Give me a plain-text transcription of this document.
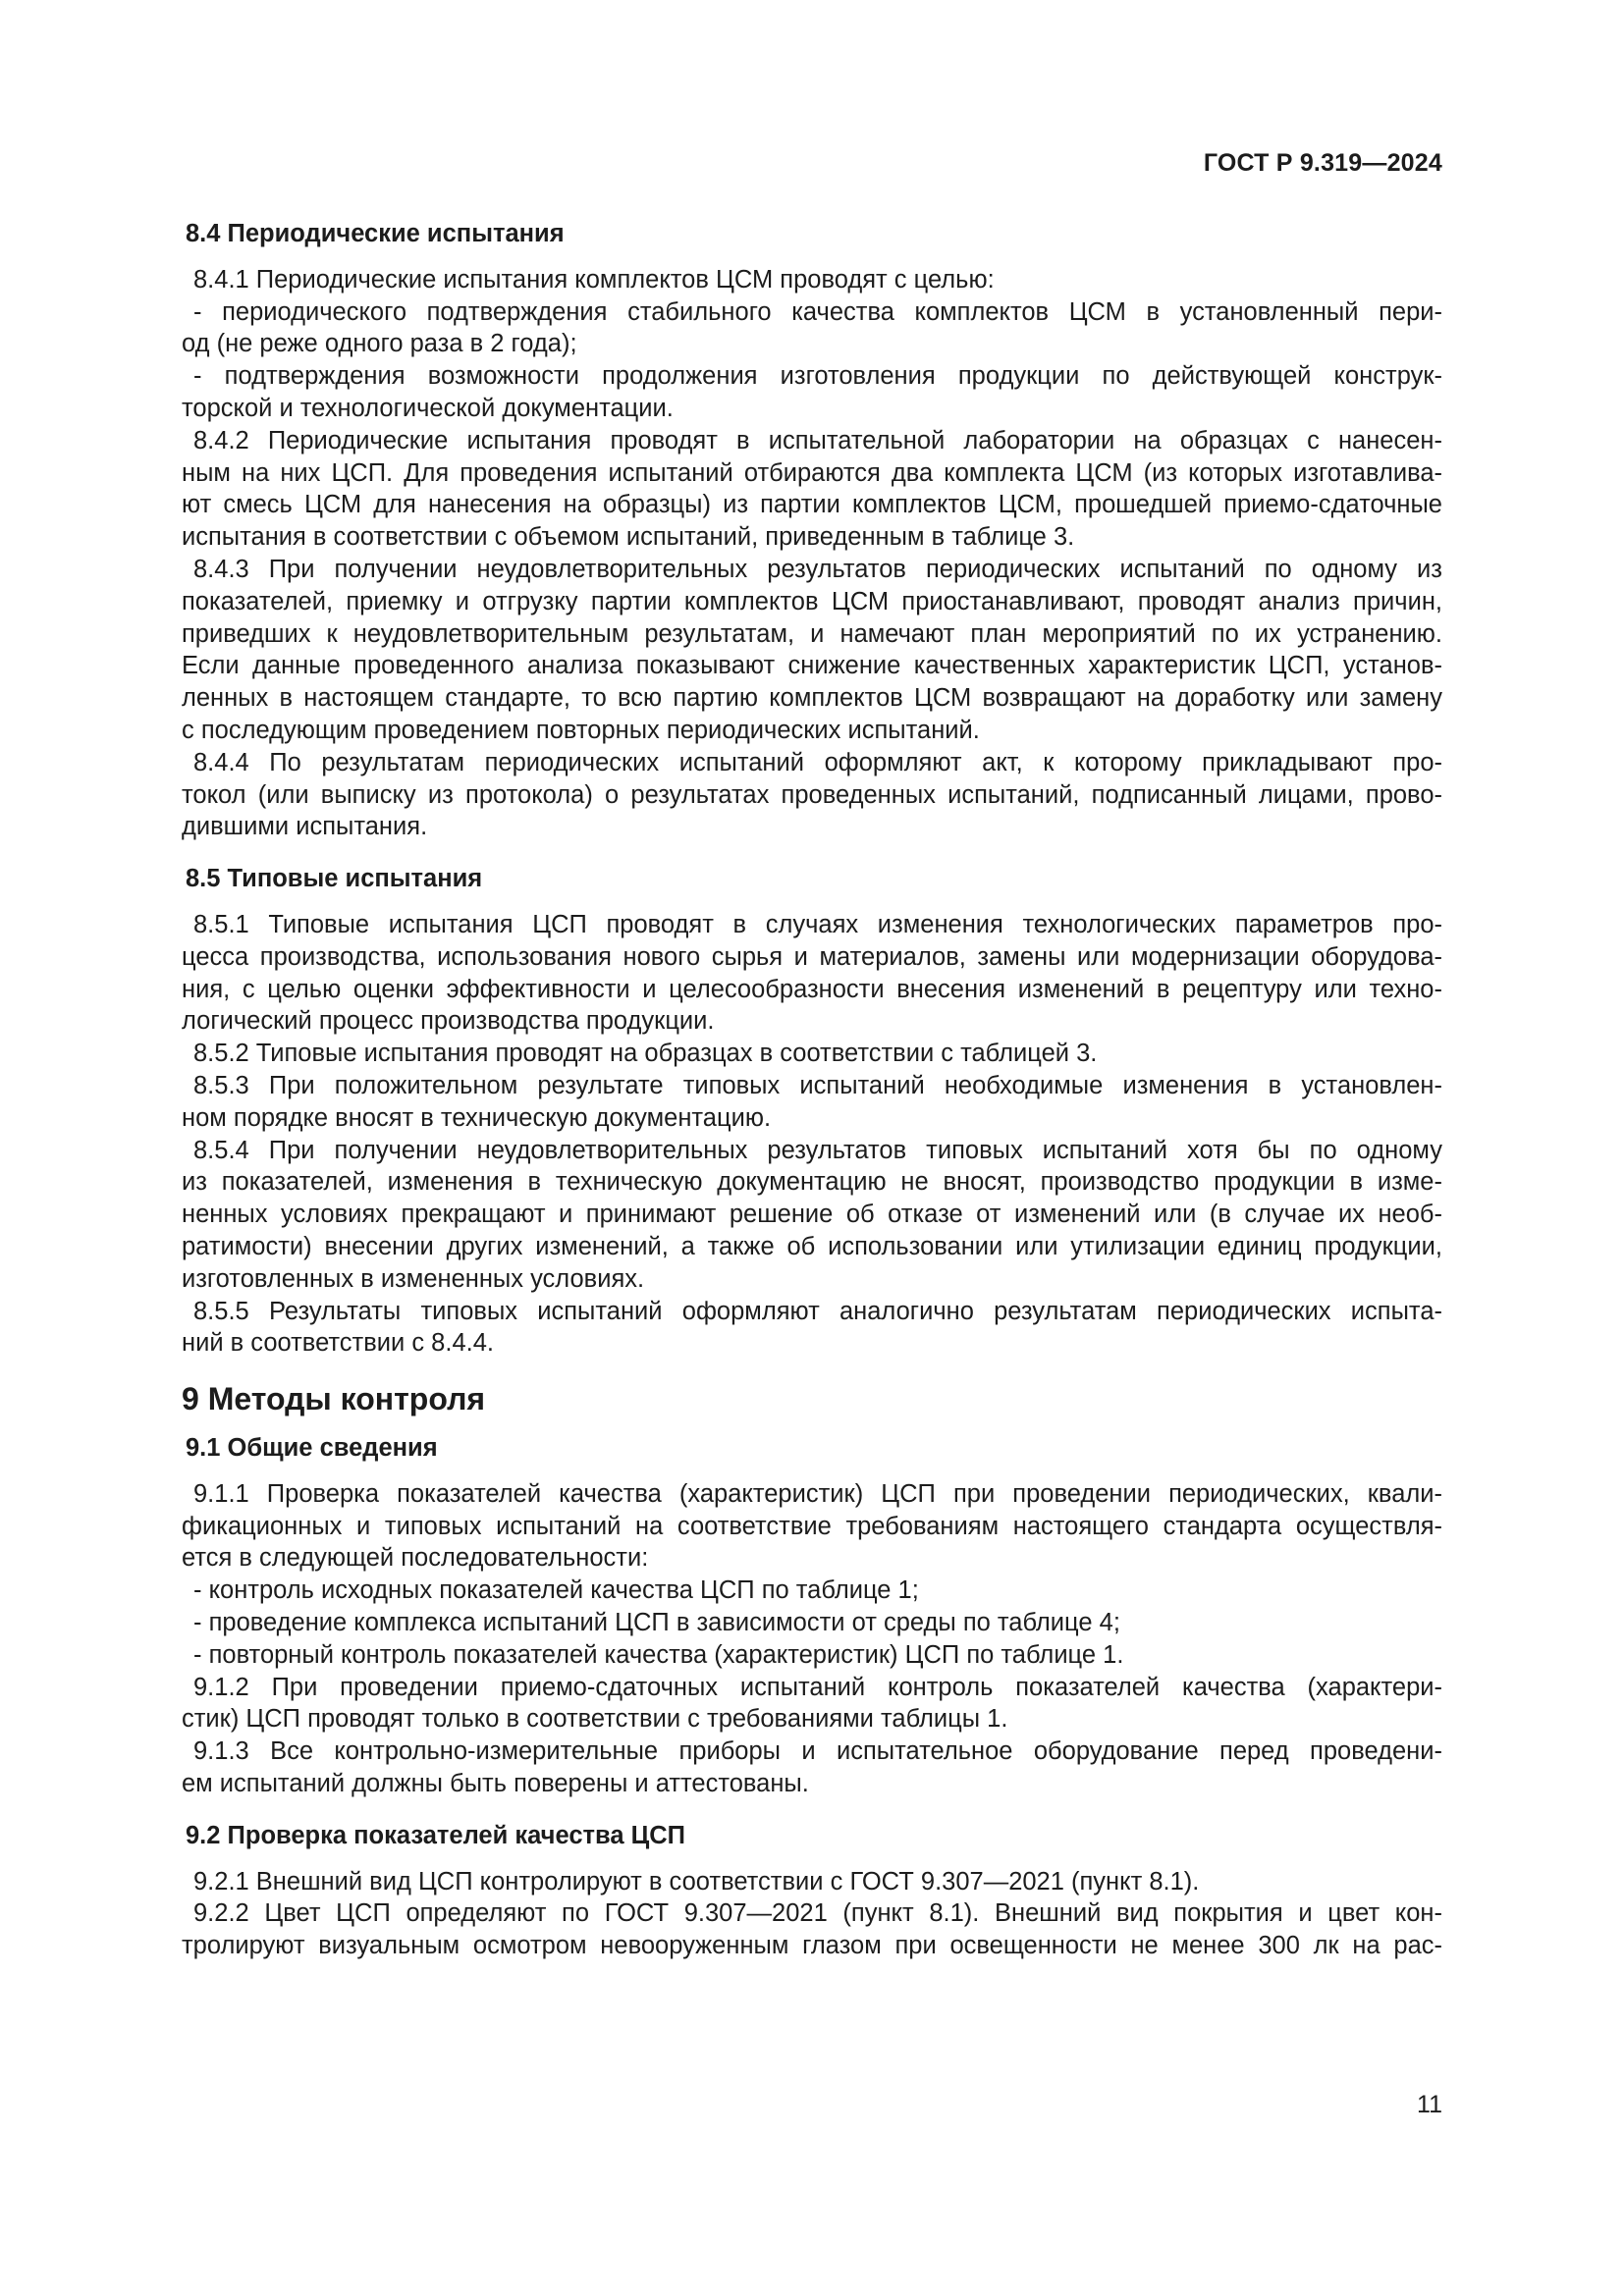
ГОСТ Р 9.319—2024
8.4 Периодические испытания
8.4.1 Периодические испытания комплектов ЦСМ проводят с целью:
- периодического подтверждения стабильного качества комплектов ЦСМ в установленный пери-
од (не реже одного раза в 2 года);
- подтверждения возможности продолжения изготовления продукции по действующей конструк-
торской и технологической документации.
8.4.2 Периодические испытания проводят в испытательной лаборатории на образцах с нанесен-
ным на них ЦСП. Для проведения испытаний отбираются два комплекта ЦСМ (из которых изготавлива-
ют смесь ЦСМ для нанесения на образцы) из партии комплектов ЦСМ, прошедшей приемо-сдаточные
испытания в соответствии с объемом испытаний, приведенным в таблице 3.
8.4.3 При получении неудовлетворительных результатов периодических испытаний по одному из
показателей, приемку и отгрузку партии комплектов ЦСМ приостанавливают, проводят анализ причин,
приведших к неудовлетворительным результатам, и намечают план мероприятий по их устранению.
Если данные проведенного анализа показывают снижение качественных характеристик ЦСП, установ-
ленных в настоящем стандарте, то всю партию комплектов ЦСМ возвращают на доработку или замену
с последующим проведением повторных периодических испытаний.
8.4.4 По результатам периодических испытаний оформляют акт, к которому прикладывают про-
токол (или выписку из протокола) о результатах проведенных испытаний, подписанный лицами, прово-
дившими испытания.
8.5 Типовые испытания
8.5.1 Типовые испытания ЦСП проводят в случаях изменения технологических параметров про-
цесса производства, использования нового сырья и материалов, замены или модернизации оборудова-
ния, с целью оценки эффективности и целесообразности внесения изменений в рецептуру или техно-
логический процесс производства продукции.
8.5.2 Типовые испытания проводят на образцах в соответствии с таблицей 3.
8.5.3 При положительном результате типовых испытаний необходимые изменения в установлен-
ном порядке вносят в техническую документацию.
8.5.4 При получении неудовлетворительных результатов типовых испытаний хотя бы по одному
из показателей, изменения в техническую документацию не вносят, производство продукции в изме-
ненных условиях прекращают и принимают решение об отказе от изменений или (в случае их необ-
ратимости) внесении других изменений, а также об использовании или утилизации единиц продукции,
изготовленных в измененных условиях.
8.5.5 Результаты типовых испытаний оформляют аналогично результатам периодических испыта-
ний в соответствии с 8.4.4.
9 Методы контроля
9.1 Общие сведения
9.1.1 Проверка показателей качества (характеристик) ЦСП при проведении периодических, квали-
фикационных и типовых испытаний на соответствие требованиям настоящего стандарта осуществля-
ется в следующей последовательности:
- контроль исходных показателей качества ЦСП по таблице 1;
- проведение комплекса испытаний ЦСП в зависимости от среды по таблице 4;
- повторный контроль показателей качества (характеристик) ЦСП по таблице 1.
9.1.2 При проведении приемо-сдаточных испытаний контроль показателей качества (характери-
стик) ЦСП проводят только в соответствии с требованиями таблицы 1.
9.1.3 Все контрольно-измерительные приборы и испытательное оборудование перед проведени-
ем испытаний должны быть поверены и аттестованы.
9.2 Проверка показателей качества ЦСП
9.2.1 Внешний вид ЦСП контролируют в соответствии с ГОСТ 9.307—2021 (пункт 8.1).
9.2.2 Цвет ЦСП определяют по ГОСТ 9.307—2021 (пункт 8.1). Внешний вид покрытия и цвет кон-
тролируют визуальным осмотром невооруженным глазом при освещенности не менее 300 лк на рас-
11
